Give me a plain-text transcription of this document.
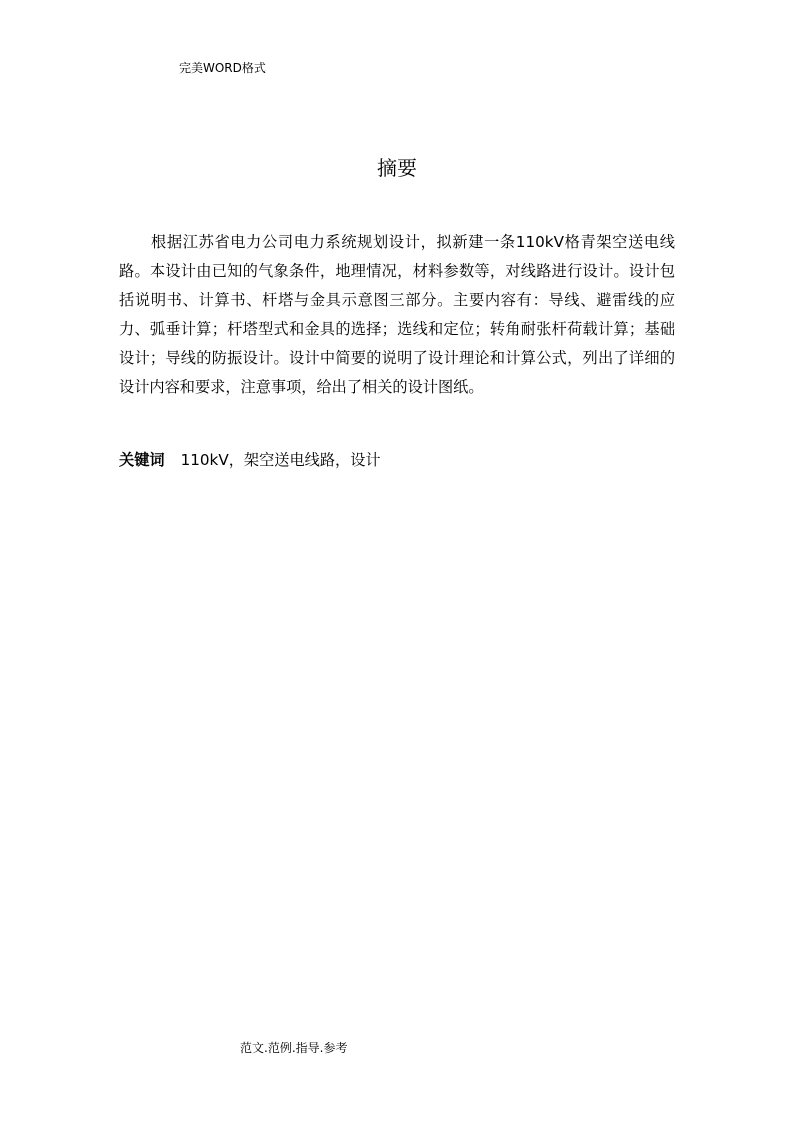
完美WORD格式
摘要

根据江苏省电力公司电力系统规划设计，拟新建一条110kV格青架空送电线路。本设计由已知的气象条件，地理情况，材料参数等，对线路进行设计。设计包括说明书、计算书、杆塔与金具示意图三部分。主要内容有：导线、避雷线的应力、弧垂计算；杆塔型式和金具的选择；选线和定位；转角耐张杆荷载计算；基础设计；导线的防振设计。设计中简要的说明了设计理论和计算公式，列出了详细的设计内容和要求，注意事项，给出了相关的设计图纸。

关键词 110kV，架空送电线路，设计
范文.范例.指导.参考
